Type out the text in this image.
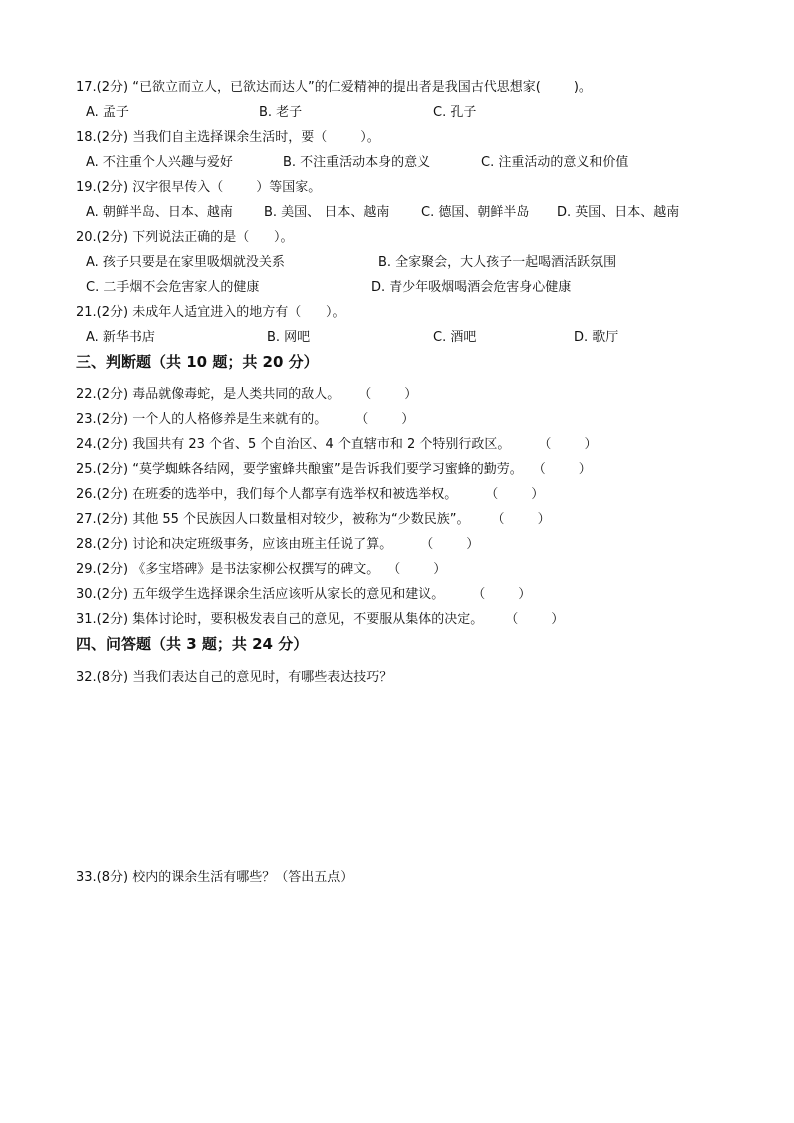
17.(2分) “已欲立而立人，已欲达而达人”的仁爱精神的提出者是我国古代思想家(        )。

A. 孟子	B. 老子	C. 孔子

18.(2分) 当我们自主选择课余生活时，要（        ）。

A. 不注重个人兴趣与爱好	B. 不注重活动本身的意义	C. 注重活动的意义和价值

19.(2分) 汉字很早传入（        ）等国家。

A. 朝鲜半岛、日本、越南 B. 美国、 日本、越南 C. 德国、朝鲜半岛 D. 英国、日本、越南

20.(2分) 下列说法正确的是（      ）。

A. 孩子只要是在家里吸烟就没关系	B. 全家聚会，大人孩子一起喝酒活跃氛围
C. 二手烟不会危害家人的健康	D. 青少年吸烟喝酒会危害身心健康

21.(2分) 未成年人适宜进入的地方有（      ）。

A. 新华书店	B. 网吧	C. 酒吧	D. 歌厅
三、判断题（共 10 题；共 20 分）

22.(2分) 毒品就像毒蛇，是人类共同的敌人。 （        ）

23.(2分) 一个人的人格修养是生来就有的。 （        ）

24.(2分) 我国共有 23 个省、5 个自治区、4 个直辖市和 2 个特别行政区。 （        ）

25.(2分) “莫学蜘蛛各结网，要学蜜蜂共酿蜜”是告诉我们要学习蜜蜂的勤劳。 （        ）

26.(2分) 在班委的选举中，我们每个人都享有选举权和被选举权。 （        ）

27.(2分) 其他 55 个民族因人口数量相对较少，被称为“少数民族”。 （        ）

28.(2分) 讨论和决定班级事务，应该由班主任说了算。 （        ）

29.(2分) 《多宝塔碑》是书法家柳公权撰写的碑文。 （        ）

30.(2分) 五年级学生选择课余生活应该听从家长的意见和建议。 （        ）

31.(2分) 集体讨论时，要积极发表自己的意见，不要服从集体的决定。 （        ）

四、问答题（共 3 题；共 24 分）

32.(8分) 当我们表达自己的意见时，有哪些表达技巧？

33.(8分) 校内的课余生活有哪些？（答出五点）
